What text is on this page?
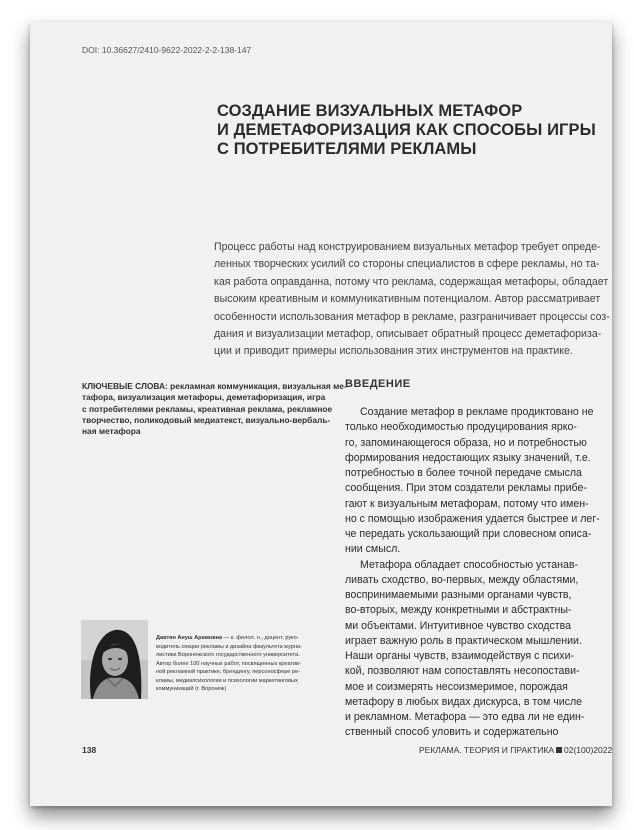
DOI: 10.36627/2410-9622-2022-2-2-138-147
СОЗДАНИЕ ВИЗУАЛЬНЫХ МЕТАФОР
И ДЕМЕТАФОРИЗАЦИЯ КАК СПОСОБЫ ИГРЫ
С ПОТРЕБИТЕЛЯМИ РЕКЛАМЫ
Процесс работы над конструированием визуальных метафор требует опреде-
ленных творческих усилий со стороны специалистов в сфере рекламы, но та-
кая работа оправданна, потому что реклама, содержащая метафоры, обладает
высоким креативным и коммуникативным потенциалом. Автор рассматривает
особенности использования метафор в рекламе, разграничивает процессы соз-
дания и визуализации метафор, описывает обратный процесс деметафориза-
ции и приводит примеры использования этих инструментов на практике.
КЛЮЧЕВЫЕ СЛОВА: рекламная коммуникация, визуальная ме-
тафора, визуализация метафоры, деметафоризация, игра
с потребителями рекламы, креативная реклама, рекламное
творчество, поликодовый медиатекст, визуально-вербаль-
ная метафора
ВВЕДЕНИЕ
Создание метафор в рекламе продиктовано не
только необходимостью продуцирования ярко-
го, запоминающегося образа, но и потребностью
формирования недостающих языку значений, т.е.
потребностью в более точной передаче смысла
сообщения. При этом создатели рекламы прибе-
гают к визуальным метафорам, потому что имен-
но с помощью изображения удается быстрее и лег-
че передать ускользающий при словесном описа-
нии смысл.
Метафора обладает способностью устанав-
ливать сходство, во-первых, между областями,
воспринимаемыми разными органами чувств,
во-вторых, между конкретными и абстрактны-
ми объектами. Интуитивное чувство сходства
играет важную роль в практическом мышлении.
Наши органы чувств, взаимодействуя с психи-
кой, позволяют нам сопоставлять несопостави-
мое и соизмерять несоизмеримое, порождая
метафору в любых видах дискурса, в том числе
и рекламном. Метафора — это едва ли не един-
ственный способ уловить и содержательно
Давтян Ануш Арамовна — к. филол. н., доцент, руко-
водитель секции рекламы и дизайна факультета журна-
листики Воронежского государственного университета.
Автор более 100 научных работ, посвященных креатив-
ной рекламной практике, брендингу, персоносфере ре-
кламы, медиапсихологии и психологии маркетинговых
коммуникаций (г. Воронеж)
138	РЕКЛАМА. ТЕОРИЯ И ПРАКТИКА 02(100)2022
